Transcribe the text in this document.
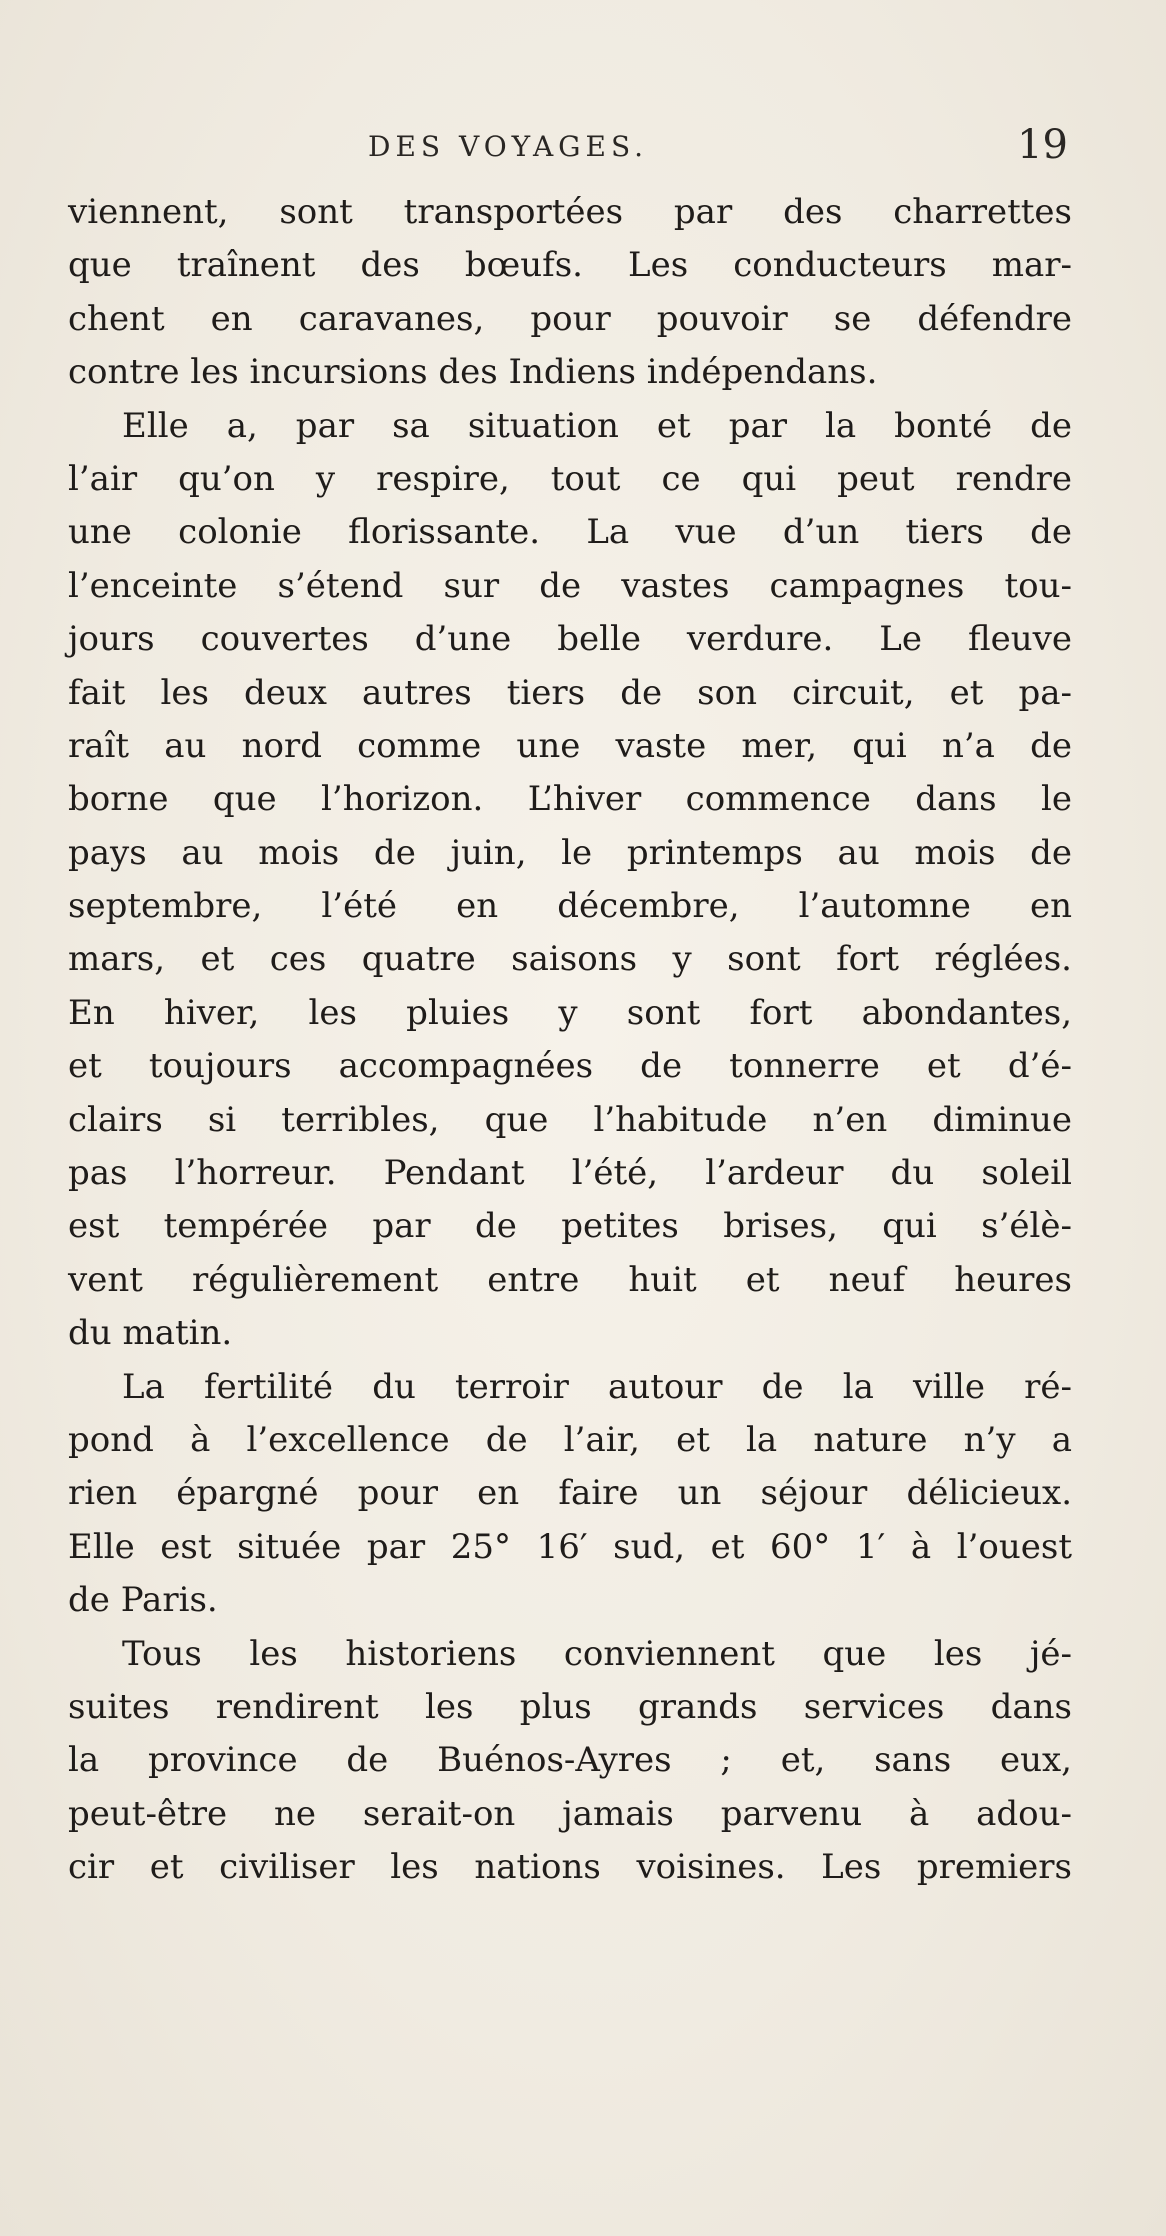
DES VOYAGES.	19
viennent, sont transportées par des charrettes
que traînent des bœufs. Les conducteurs mar-
chent en caravanes, pour pouvoir se défendre
contre les incursions des Indiens indépendans.
Elle a, par sa situation et par la bonté de
l’air qu’on y respire, tout ce qui peut rendre
une colonie florissante. La vue d’un tiers de
l’enceinte s’étend sur de vastes campagnes tou-
jours couvertes d’une belle verdure. Le fleuve
fait les deux autres tiers de son circuit, et pa-
raît au nord comme une vaste mer, qui n’a de
borne que l’horizon. L’hiver commence dans le
pays au mois de juin, le printemps au mois de
septembre, l’été en décembre, l’automne en
mars, et ces quatre saisons y sont fort réglées.
En hiver, les pluies y sont fort abondantes,
et toujours accompagnées de tonnerre et d’é-
clairs si terribles, que l’habitude n’en diminue
pas l’horreur. Pendant l’été, l’ardeur du soleil
est tempérée par de petites brises, qui s’élè-
vent régulièrement entre huit et neuf heures
du matin.
La fertilité du terroir autour de la ville ré-
pond à l’excellence de l’air, et la nature n’y a
rien épargné pour en faire un séjour délicieux.
Elle est située par 25° 16′ sud, et 60° 1′ à l’ouest
de Paris.
Tous les historiens conviennent que les jé-
suites rendirent les plus grands services dans
la province de Buénos-Ayres ; et, sans eux,
peut-être ne serait-on jamais parvenu à adou-
cir et civiliser les nations voisines. Les premiers
